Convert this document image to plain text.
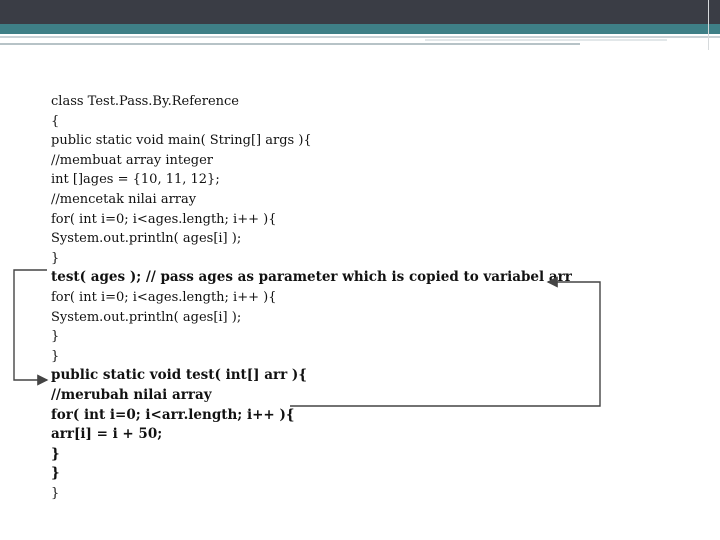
class Test.Pass.By.Reference
{
public static void main( String[] args ){
//membuat array integer
int []ages = {10, 11, 12};
//mencetak nilai array
for( int i=0; i<ages.length; i++ ){
System.out.println( ages[i] );
}
test( ages ); // pass ages as parameter which is copied to variabel arr
for( int i=0; i<ages.length; i++ ){
System.out.println( ages[i] );
}
}
public static void test( int[] arr ){
//merubah nilai array
for( int i=0; i<arr.length; i++ ){
arr[i] = i + 50;
}
}
}
